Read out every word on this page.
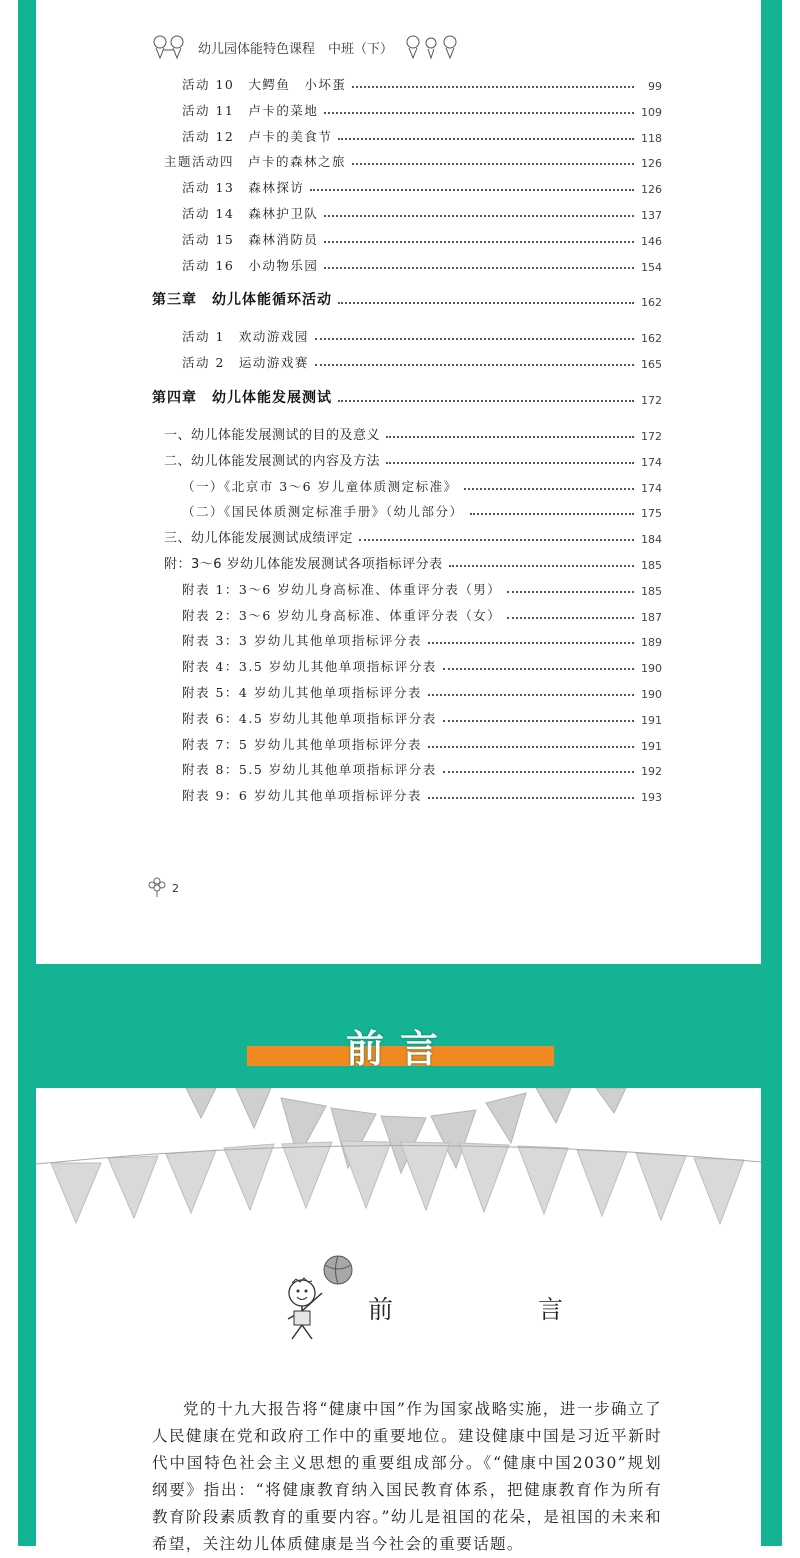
幼儿园体能特色课程　中班（下）
活动 10　大鳄鱼　小坏蛋	99
活动 11　卢卡的菜地	109
活动 12　卢卡的美食节	118
主题活动四　卢卡的森林之旅	126
活动 13　森林探访	126
活动 14　森林护卫队	137
活动 15　森林消防员	146
活动 16　小动物乐园	154
第三章　幼儿体能循环活动	162
活动 1　欢动游戏园	162
活动 2　运动游戏赛	165
第四章　幼儿体能发展测试	172
一、幼儿体能发展测试的目的及意义	172
二、幼儿体能发展测试的内容及方法	174
（一）《北京市 3～6 岁儿童体质测定标准》	174
（二）《国民体质测定标准手册》（幼儿部分）	175
三、幼儿体能发展测试成绩评定	184
附：3～6 岁幼儿体能发展测试各项指标评分表	185
附表 1：3～6 岁幼儿身高标准、体重评分表（男）	185
附表 2：3～6 岁幼儿身高标准、体重评分表（女）	187
附表 3：3 岁幼儿其他单项指标评分表	189
附表 4：3.5 岁幼儿其他单项指标评分表	190
附表 5：4 岁幼儿其他单项指标评分表	190
附表 6：4.5 岁幼儿其他单项指标评分表	191
附表 7：5 岁幼儿其他单项指标评分表	191
附表 8：5.5 岁幼儿其他单项指标评分表	192
附表 9：6 岁幼儿其他单项指标评分表	193
2
前言
前　言

党的十九大报告将“健康中国”作为国家战略实施，进一步确立了人民健康在党和政府工作中的重要地位。建设健康中国是习近平新时代中国特色社会主义思想的重要组成部分。《“健康中国2030”规划纲要》指出：“将健康教育纳入国民教育体系，把健康教育作为所有教育阶段素质教育的重要内容。”幼儿是祖国的花朵，是祖国的未来和希望，关注幼儿体质健康是当今社会的重要话题。
